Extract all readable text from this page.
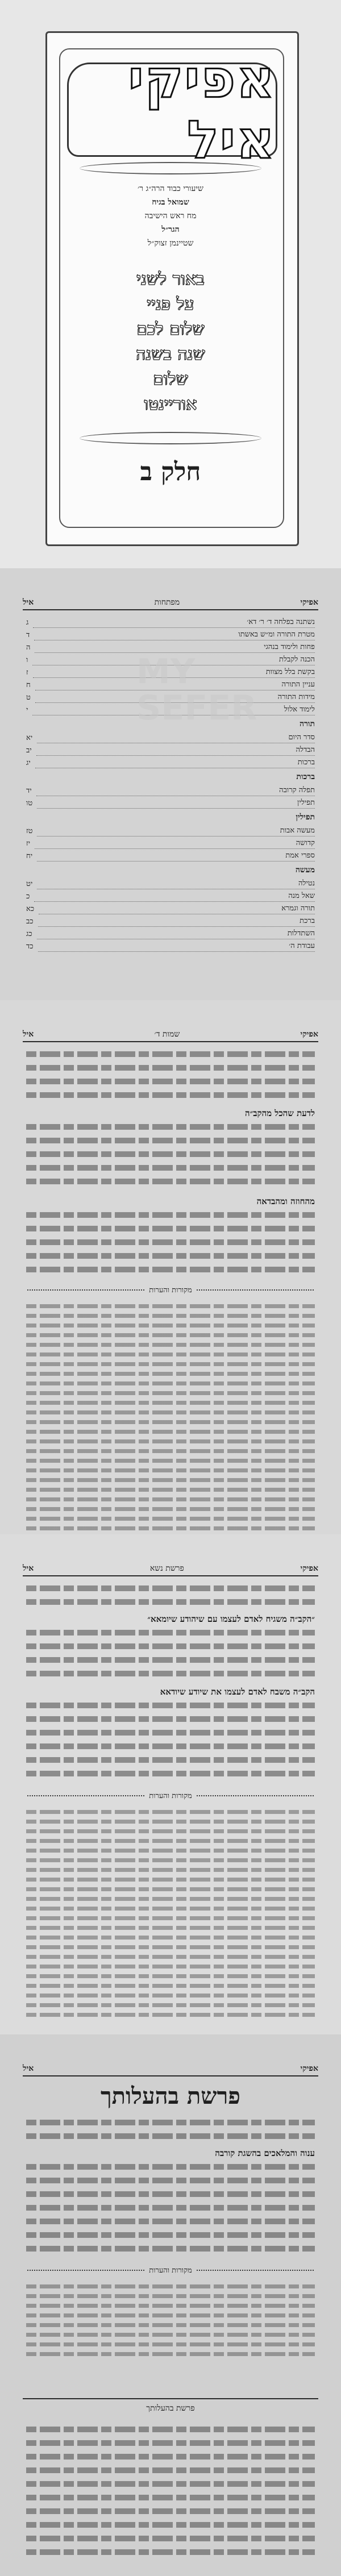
אפיקי איל
שיעורי כבוד הרה״ג ר׳
שמואל בגיח
מח ראש הישיבה
הגר״ל
שטיינמן זצוק״ל
באור לשני
על פניי
שלום לכם
שנה בשנה
שלום
אוריינטו
חלק ב
אפיקי
מפתחות
איל
נשתנה בפלחה ד׳ ר׳ דא׳
ג
מטרת התורה ומ״ש באשתו
ד
פחות ולימוד בנהגי
ה
הכנה לקבלת
ו
בקשת בלל מצוות
ז
עניין התורה
ח
מידות התורה
ט
לימוד אלול
י
תורה
סדר היום
יא
הבדלה
יב
ברכות
יג
ברכות
תפלה קרובה
יד
תפילין
טו
תפילין
מעשה אבות
טז
קדושה
יז
ספרי אמת
יח
מעשה
נטילה
יט
שאל מנה
כ
תורה וגמרא
כא
ברכת
כב
השתדלות
כג
עבודת ה׳
כד
MY
SEFER
אפיקי
שמות ד׳
איל
לדעת שהכל מהקב״ה
מהחוזה ומהבדאה
מקורות והערות
אפיקי
פרשת נשא
איל
״הקב״ה משגיח לאדם לעצמו עם שיהודע שיומאא״
הקב״ה משבח לאדם לעצמו את שיודע שיודאא
מקורות והערות
אפיקי
איל
פרשת בהעלותך
ענוה והמלאכים בהשגת קורבה
מקורות והערות
פרשת בהעלותך
